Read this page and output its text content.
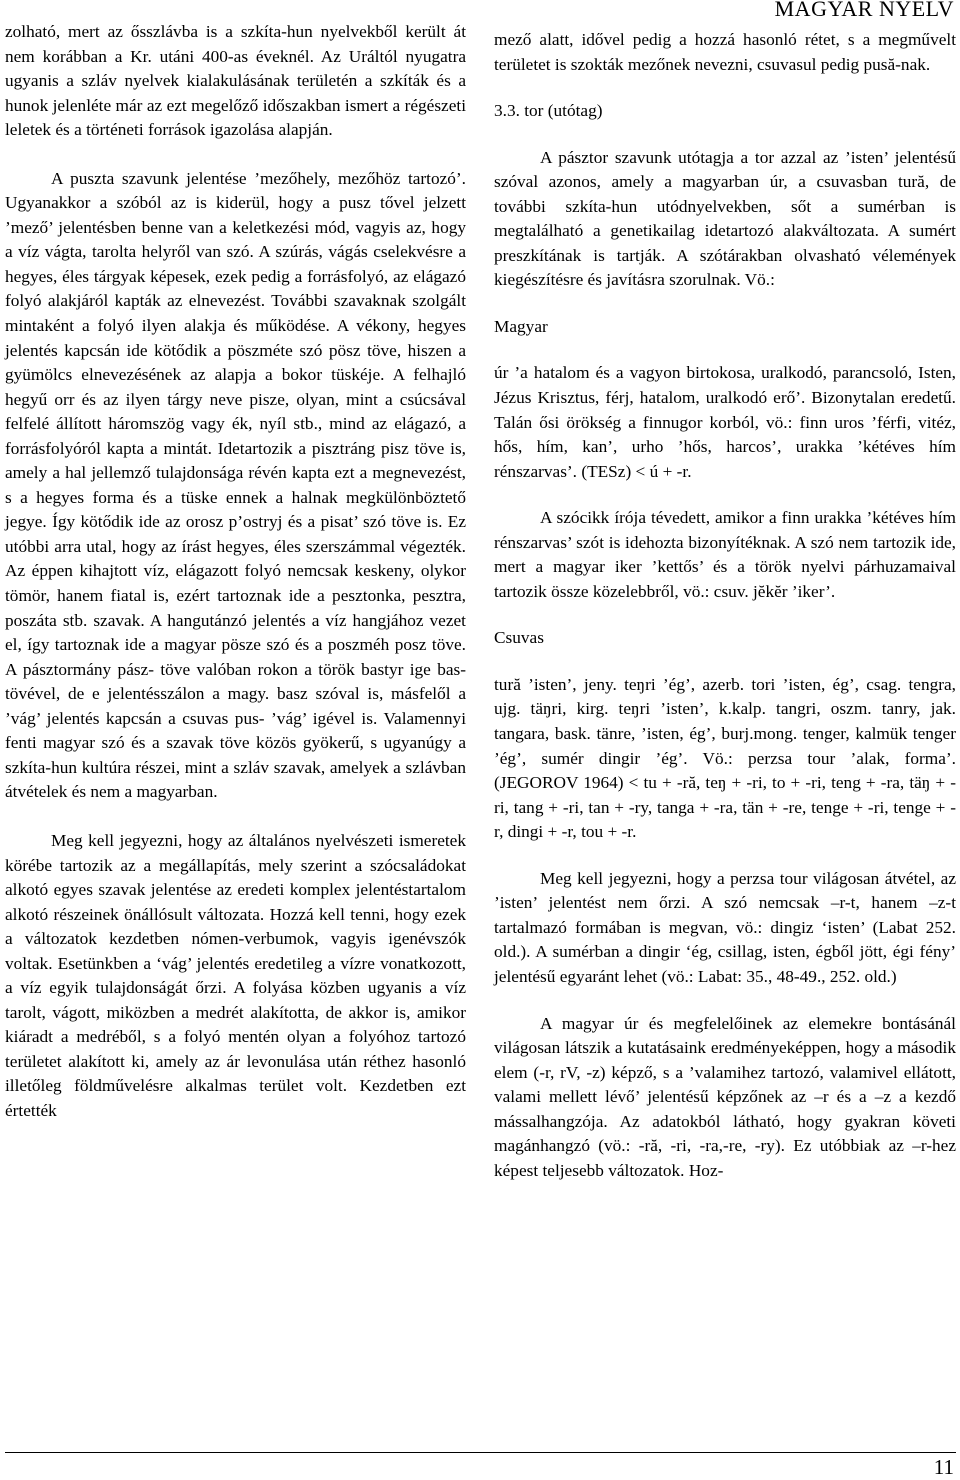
MAGYAR NYELV

zolható, mert az ősszlávba is a szkíta-hun nyelvekből került át nem korábban a Kr. utáni 400-as éveknél. Az Uráltól nyugatra ugyanis a szláv nyelvek kialakulásának területén a szkíták és a hunok jelenléte már az ezt megelőző időszakban ismert a régészeti leletek és a történeti források igazolása alapján.

A puszta szavunk jelentése ’mezőhely, mezőhöz tartozó’. Ugyanakkor a szóból az is kiderül, hogy a pusz tővel jelzett ’mező’ jelentésben benne van a keletkezési mód, vagyis az, hogy a víz vágta, tarolta helyről van szó. A szúrás, vágás cselekvésre a hegyes, éles tárgyak képesek, ezek pedig a forrásfolyó, az elágazó folyó alakjáról kapták az elnevezést. További szavaknak szolgált mintaként a folyó ilyen alakja és működése. A vékony, hegyes jelentés kapcsán ide kötődik a pöszméte szó pösz töve, hiszen a gyümölcs elnevezésének az alapja a bokor tüskéje. A felhajló hegyű orr és az ilyen tárgy neve pisze, olyan, mint a csúcsával felfelé állított háromszög vagy ék, nyíl stb., mind az elágazó, a forrásfolyóról kapta a mintát. Idetartozik a pisztráng pisz töve is, amely a hal jellemző tulajdonsága révén kapta ezt a megnevezést, s a hegyes forma és a tüske ennek a halnak megkülönböztető jegye. Így kötődik ide az orosz p’ostryj és a pisat’ szó töve is. Ez utóbbi arra utal, hogy az írást hegyes, éles szerszámmal végezték. Az éppen kihajtott víz, elágazott folyó nemcsak keskeny, olykor tömör, hanem fiatal is, ezért tartoznak ide a pesztonka, pesztra, poszáta stb. szavak. A hangutánzó jelentés a víz hangjához vezet el, így tartoznak ide a magyar pösze szó és a poszméh posz töve. A pásztormány pász- töve valóban rokon a török bastyr ige bas- tövével, de e jelentésszálon a magy. basz szóval is, másfelől a ’vág’ jelentés kapcsán a csuvas pus- ’vág’ igével is. Valamennyi fenti magyar szó és a szavak töve közös gyökerű, s ugyanúgy a szkíta-hun kultúra részei, mint a szláv szavak, amelyek a szlávban átvételek és nem a magyarban.

Meg kell jegyezni, hogy az általános nyelvészeti ismeretek körébe tartozik az a megállapítás, mely szerint a szócsaládokat alkotó egyes szavak jelentése az eredeti komplex jelentéstartalom alkotó részeinek önállósult változata. Hozzá kell tenni, hogy ezek a változatok kezdetben nómen-verbumok, vagyis igenévszók voltak. Esetünkben a ‘vág’ jelentés eredetileg a vízre vonatkozott, a víz egyik tulajdonságát őrzi. A folyása közben ugyanis a víz tarolt, vágott, miközben a medrét alakította, de akkor is, amikor kiáradt a medréből, s a folyó mentén olyan a folyóhoz tartozó területet alakított ki, amely az ár levonulása után réthez hasonló illetőleg földművelésre alkalmas terület volt. Kezdetben ezt értették

mező alatt, idővel pedig a hozzá hasonló rétet, s a megművelt területet is szokták mezőnek nevezni, csuvasul pedig pusă-nak.

3.3. tor (utótag)

A pásztor szavunk utótagja a tor azzal az ’isten’ jelentésű szóval azonos, amely a magyarban úr, a csuvasban tură, de további szkíta-hun utódnyelvekben, sőt a sumérban is megtalálható a genetikailag idetartozó alakváltozata. A sumért preszkítának is tartják. A szótárakban olvasható vélemények kiegészítésre és javításra szorulnak. Vö.:

Magyar

úr ’a hatalom és a vagyon birtokosa, uralkodó, parancsoló, Isten, Jézus Krisztus, férj, hatalom, uralkodó erő’. Bizonytalan eredetű. Talán ősi örökség a finnugor korból, vö.: finn uros ’férfi, vitéz, hős, hím, kan’, urho ’hős, harcos’, urakka ’kétéves hím rénszarvas’. (TESz) < ú + -r.

A szócikk írója tévedett, amikor a finn urakka ’kétéves hím rénszarvas’ szót is idehozta bizonyítéknak. A szó nem tartozik ide, mert a magyar iker ’kettős’ és a török nyelvi párhuzamaival tartozik össze közelebbről, vö.: csuv. jĕkĕr ’iker’.

Csuvas

tură ’isten’, jeny. teŋri ’ég’, azerb. tori ’isten, ég’, csag. tengra, ujg. täŋri, kirg. teŋri ’isten’, k.kalp. tangri, oszm. tanry, jak. tangara, bask. tänre, ’isten, ég’, burj.mong. tenger, kalmük tenger ’ég’, sumér dingir ’ég’. Vö.: perzsa tour ’alak, forma’. (JEGOROV 1964) < tu + -ră, teŋ + -ri, to + -ri, teng + -ra, täŋ + -ri, tang + -ri, tan + -ry, tanga + -ra, tän + -re, tenge + -ri, tenge + -r, dingi + -r, tou + -r.

Meg kell jegyezni, hogy a perzsa tour világosan átvétel, az ’isten’ jelentést nem őrzi. A szó nemcsak –r-t, hanem –z-t tartalmazó formában is megvan, vö.: dingiz ‘isten’ (Labat 252. old.). A sumérban a dingir ‘ég, csillag, isten, égből jött, égi fény’ jelentésű egyaránt lehet (vö.: Labat: 35., 48-49., 252. old.)

A magyar úr és megfelelőinek az elemekre bontásánál világosan látszik a kutatásaink eredményeképpen, hogy a második elem (-r, rV, -z) képző, s a ’valamihez tartozó, valamivel ellátott, valami mellett lévő’ jelentésű képzőnek az –r és a –z a kezdő mássalhangzója. Az adatokból látható, hogy gyakran követi magánhangzó (vö.: -ră, -ri, -ra,-re, -ry). Ez utóbbiak az –r-hez képest teljesebb változatok. Hoz-

11
